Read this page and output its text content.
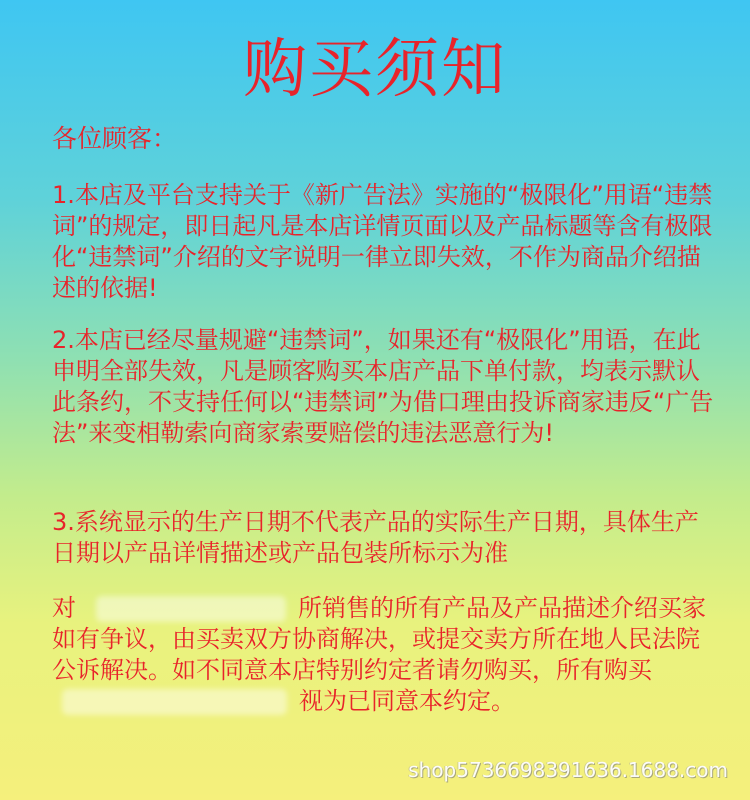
购买须知
各位顾客：
1.本店及平台支持关于《新广告法》实施的“极限化”用语“违禁词”的规定，即日起凡是本店详情页面以及产品标题等含有极限化“违禁词”介绍的文字说明一律立即失效，不作为商品介绍描述的依据!
2.本店已经尽量规避“违禁词”，如果还有“极限化”用语，在此申明全部失效，凡是顾客购买本店产品下单付款，均表示默认此条约，不支持任何以“违禁词”为借口理由投诉商家违反“广告法”来变相勒索向商家索要赔偿的违法恶意行为!
3.系统显示的生产日期不代表产品的实际生产日期，具体生产日期以产品详情描述或产品包装所标示为准
对	所销售的所有产品及产品描述介绍买家如有争议，由买卖双方协商解决，或提交卖方所在地人民法院公诉解决。如不同意本店特别约定者请勿购买，所有购买视为已同意本约定。
shop5736698391636.1688.com
